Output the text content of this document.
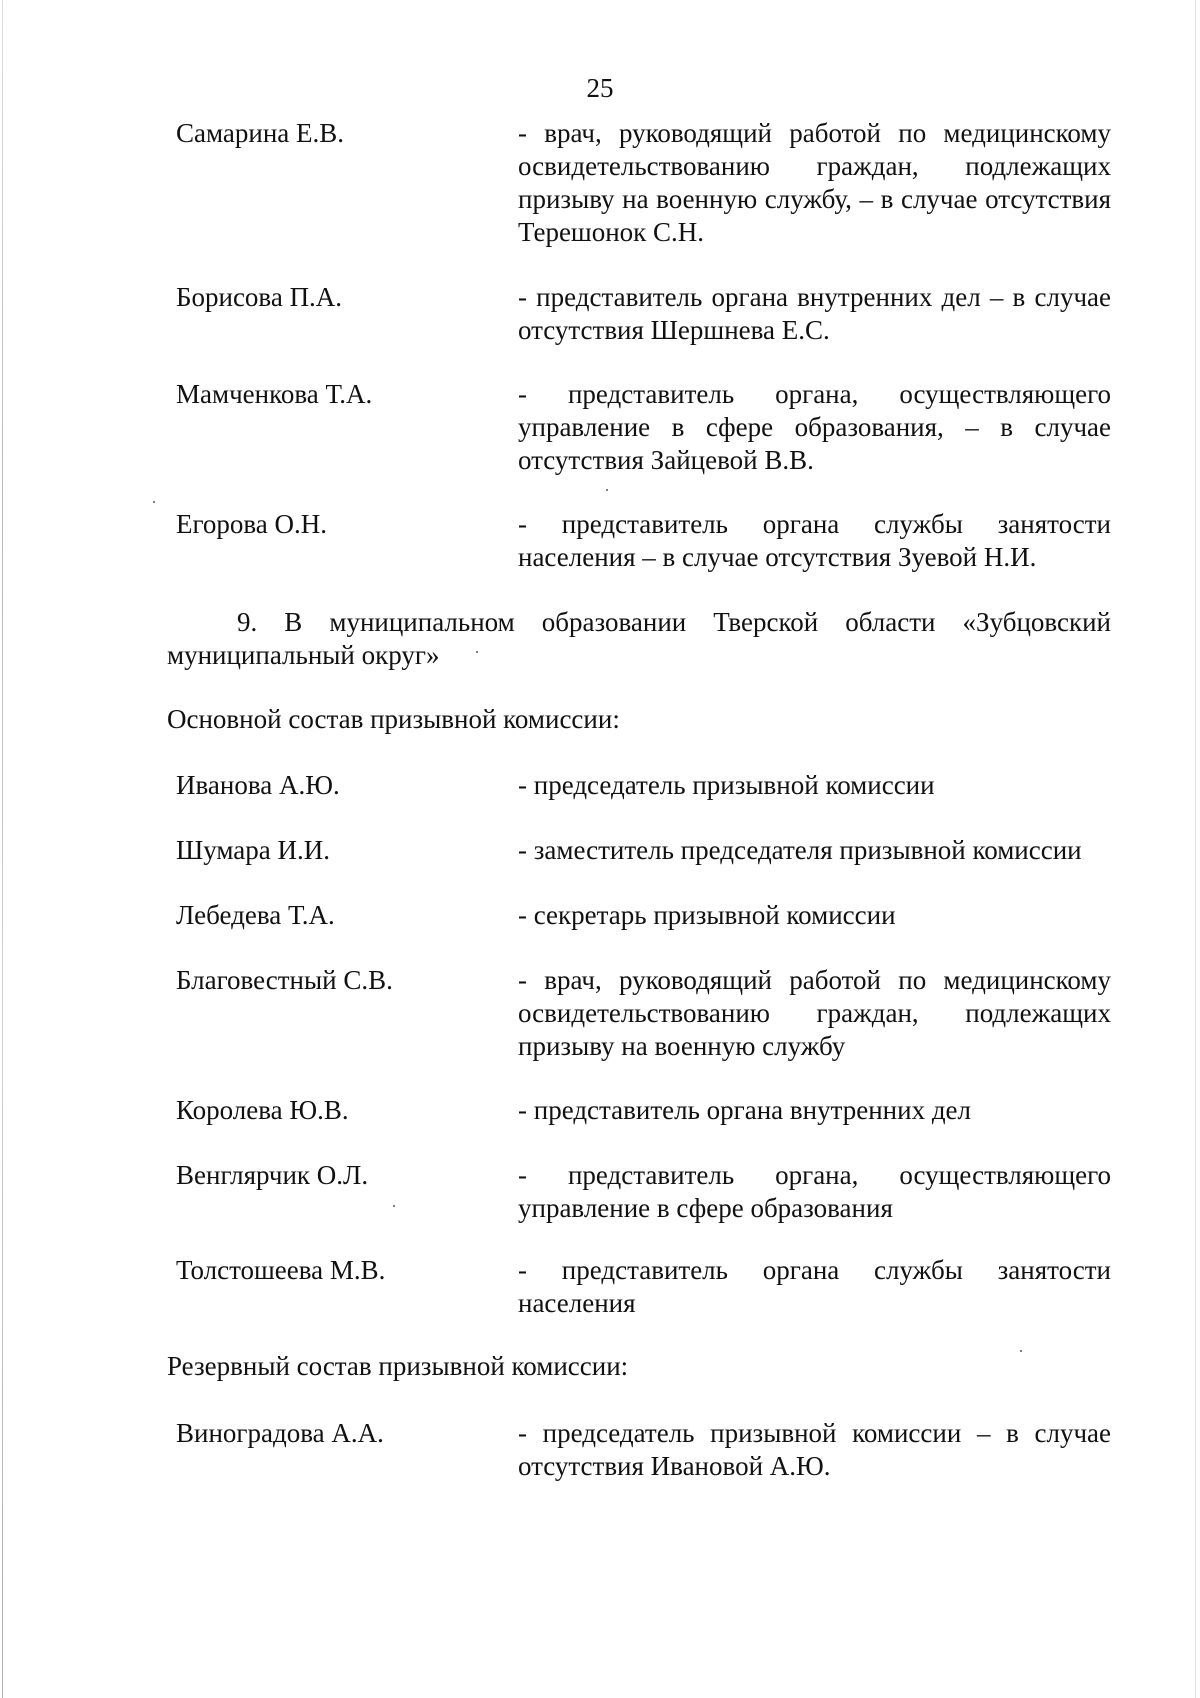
25
Самарина Е.В.	- врач, руководящий работой по медицинскому освидетельствованию граждан, подлежащих призыву на военную службу, – в случае отсутствия Терешонок С.Н.
Борисова П.А.	- представитель органа внутренних дел – в случае отсутствия Шершнева Е.С.
Мамченкова Т.А.	- представитель органа, осуществляющего управление в сфере образования, – в случае отсутствия Зайцевой В.В.
Егорова О.Н.	- представитель органа службы занятости населения – в случае отсутствия Зуевой Н.И.
9. В муниципальном образовании Тверской области «Зубцовский муниципальный округ»
Основной состав призывной комиссии:
Иванова А.Ю.	- председатель призывной комиссии
Шумара И.И.	- заместитель председателя призывной комиссии
Лебедева Т.А.	- секретарь призывной комиссии
Благовестный С.В.	- врач, руководящий работой по медицинскому освидетельствованию граждан, подлежащих призыву на военную службу
Королева Ю.В.	- представитель органа внутренних дел
Венглярчик О.Л.	- представитель органа, осуществляющего управление в сфере образования
Толстошеева М.В.	- представитель органа службы занятости населения
Резервный состав призывной комиссии:
Виноградова А.А.	- председатель призывной комиссии – в случае отсутствия Ивановой А.Ю.
